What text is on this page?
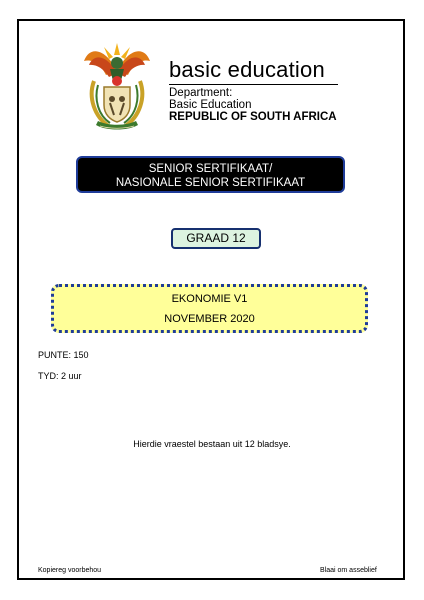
basic education
Department:
Basic Education
REPUBLIC OF SOUTH AFRICA
SENIOR SERTIFIKAAT/
NASIONALE SENIOR SERTIFIKAAT
GRAAD 12
EKONOMIE V1
NOVEMBER 2020
PUNTE: 150
TYD: 2 uur
Hierdie vraestel bestaan uit 12 bladsye.
Kopiereg voorbehou	Blaai om asseblief
